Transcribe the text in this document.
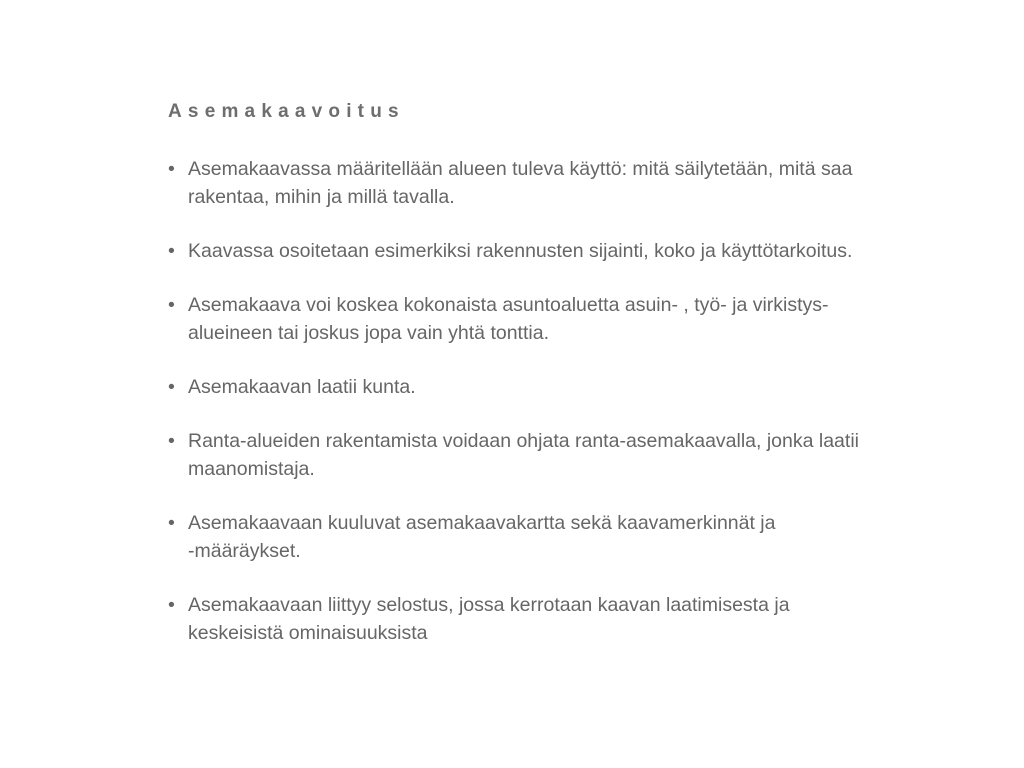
Asemakaavoitus
• Asemakaavassa määritellään alueen tuleva käyttö: mitä säilytetään, mitä saa
rakentaa, mihin ja millä tavalla.
• Kaavassa osoitetaan esimerkiksi rakennusten sijainti, koko ja käyttötarkoitus.
• Asemakaava voi koskea kokonaista asuntoaluetta asuin- , työ- ja virkistys-
alueineen tai joskus jopa vain yhtä tonttia.
• Asemakaavan laatii kunta.
• Ranta-alueiden rakentamista voidaan ohjata ranta-asemakaavalla, jonka laatii
maanomistaja.
• Asemakaavaan kuuluvat asemakaavakartta sekä kaavamerkinnät ja
-määräykset.
• Asemakaavaan liittyy selostus, jossa kerrotaan kaavan laatimisesta ja
keskeisistä ominaisuuksista
